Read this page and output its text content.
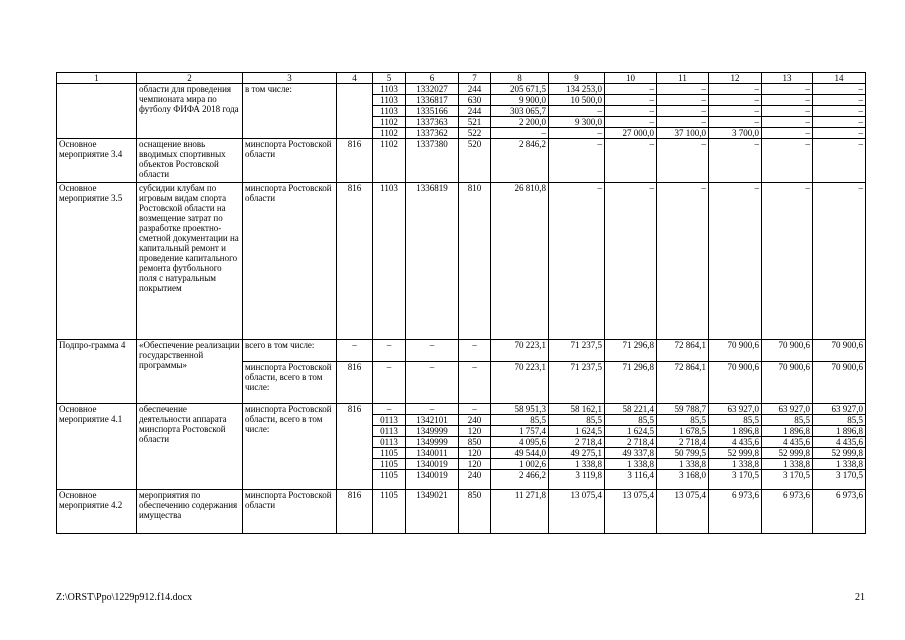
1	2	3	4	5	6	7	8	9	10	11	12	13	14
	области для проведения чемпионата мира по футболу ФИФА 2018 года	в том числе:		1103	1332027	244	205 671,5	134 253,0	–	–	–	–	–
				1103	1336817	630	9 900,0	10 500,0	–	–	–	–	–
				1103	1335166	244	303 065,7	–	–	–	–	–	–
				1102	1337363	521	2 200,0	9 300,0	–	–	–	–	–
				1102	1337362	522	–	–	27 000,0	37 100,0	3 700,0	–	–
Основное мероприятие 3.4	оснащение вновь вводимых спортивных объектов Ростовской области	минспорта Ростовской области	816	1102	1337380	520	2 846,2	–	–	–	–	–	–
Основное мероприятие 3.5	субсидии клубам по игровым видам спорта Ростовской области на возмещение затрат по разработке проектно-сметной документации на капитальный ремонт и проведение капитального ремонта футбольного поля с натуральным покрытием	минспорта Ростовской области	816	1103	1336819	810	26 810,8	–	–	–	–	–	–
Подпро-грамма 4	«Обеспечение реализации государственной программы»	всего в том числе:	–	–	–	–	70 223,1	71 237,5	71 296,8	72 864,1	70 900,6	70 900,6	70 900,6
		минспорта Ростовской области, всего в том числе:	816	–	–	–	70 223,1	71 237,5	71 296,8	72 864,1	70 900,6	70 900,6	70 900,6
Основное мероприятие 4.1	обеспечение деятельности аппарата минспорта Ростовской области	минспорта Ростовской области, всего в том числе:	816	–	–	–	58 951,3	58 162,1	58 221,4	59 788,7	63 927,0	63 927,0	63 927,0
				0113	1342101	240	85,5	85,5	85,5	85,5	85,5	85,5	85,5
				0113	1349999	120	1 757,4	1 624,5	1 624,5	1 678,5	1 896,8	1 896,8	1 896,8
				0113	1349999	850	4 095,6	2 718,4	2 718,4	2 718,4	4 435,6	4 435,6	4 435,6
				1105	1340011	120	49 544,0	49 275,1	49 337,8	50 799,5	52 999,8	52 999,8	52 999,8
				1105	1340019	120	1 002,6	1 338,8	1 338,8	1 338,8	1 338,8	1 338,8	1 338,8
				1105	1340019	240	2 466,2	3 119,8	3 116,4	3 168,0	3 170,5	3 170,5	3 170,5
Основное мероприятие 4.2	мероприятия по обеспечению содержания имущества	минспорта Ростовской области	816	1105	1349021	850	11 271,8	13 075,4	13 075,4	13 075,4	6 973,6	6 973,6	6 973,6
Z:\ORST\Ppo\1229p912.f14.docx	21
